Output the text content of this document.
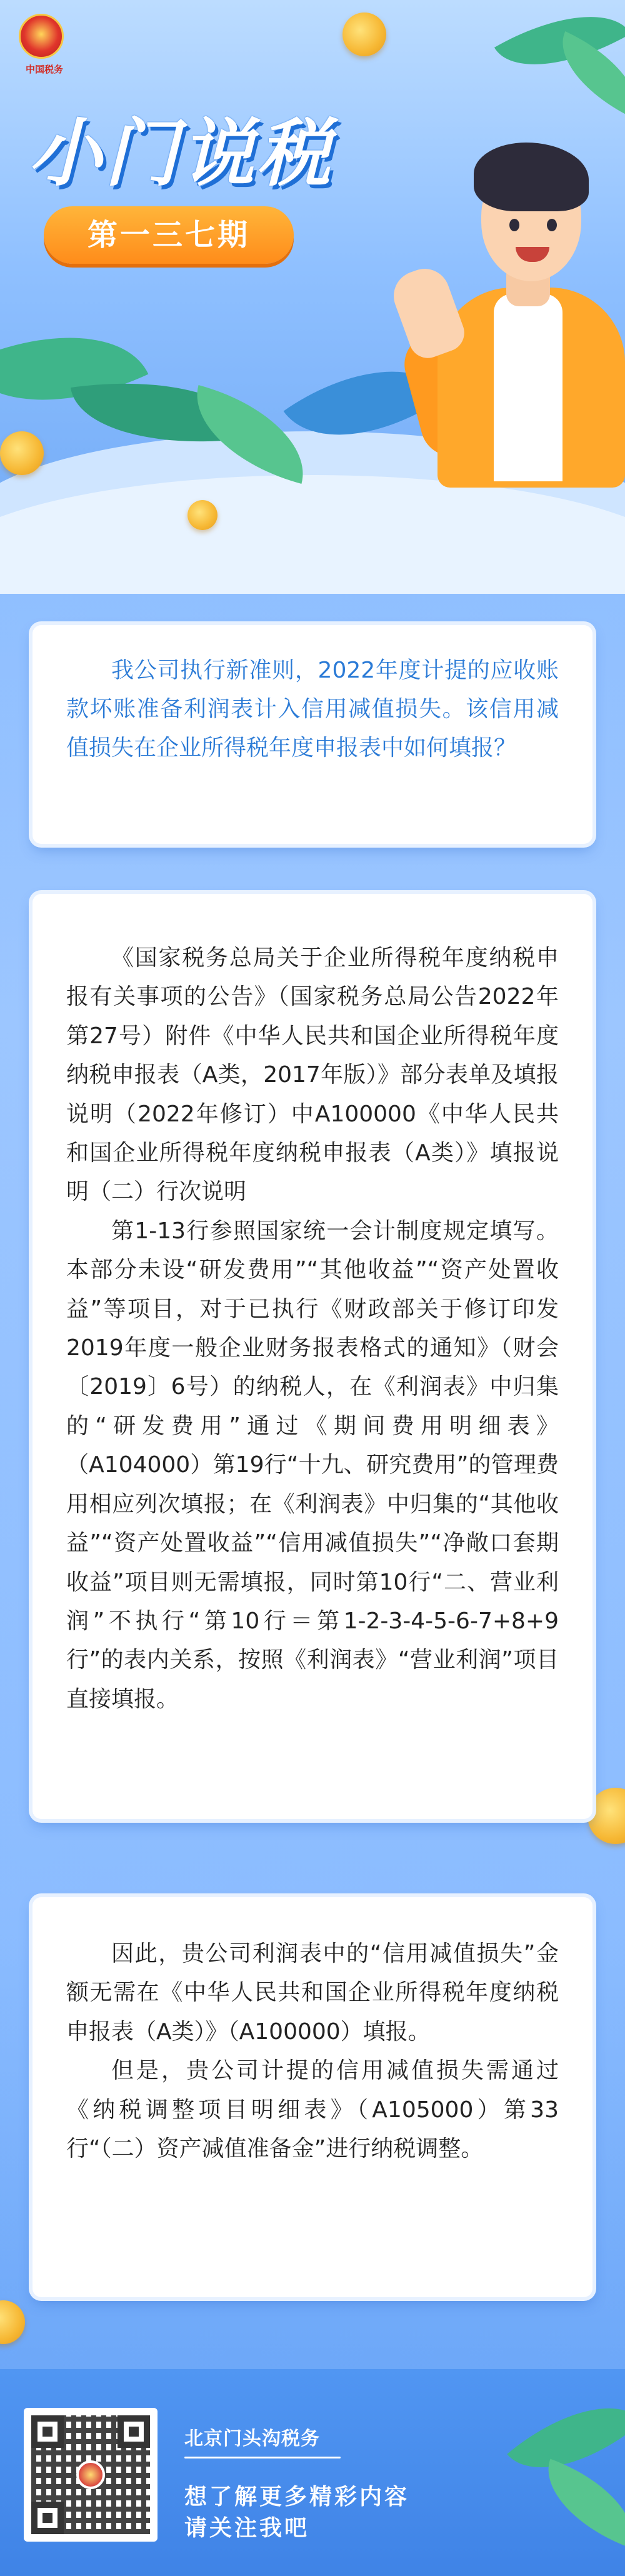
中国税务
小门说税
第一三七期

我公司执行新准则，2022年度计提的应收账款坏账准备利润表计入信用减值损失。该信用减值损失在企业所得税年度申报表中如何填报？

《国家税务总局关于企业所得税年度纳税申报有关事项的公告》（国家税务总局公告2022年第27号）附件《中华人民共和国企业所得税年度纳税申报表（A类，2017年版）》部分表单及填报说明（2022年修订）中A100000《中华人民共和国企业所得税年度纳税申报表（A类）》填报说明（二）行次说明

第1-13行参照国家统一会计制度规定填写。本部分未设“研发费用”“其他收益”“资产处置收益”等项目，对于已执行《财政部关于修订印发2019年度一般企业财务报表格式的通知》（财会〔2019〕6号）的纳税人，在《利润表》中归集的“研发费用”通过《期间费用明细表》（A104000）第19行“十九、研究费用”的管理费用相应列次填报；在《利润表》中归集的“其他收益”“资产处置收益”“信用减值损失”“净敞口套期收益”项目则无需填报，同时第10行“二、营业利润”不执行“第10行＝第1-2-3-4-5-6-7+8+9行”的表内关系，按照《利润表》“营业利润”项目直接填报。

因此，贵公司利润表中的“信用减值损失”金额无需在《中华人民共和国企业所得税年度纳税申报表（A类）》（A100000）填报。

但是，贵公司计提的信用减值损失需通过《纳税调整项目明细表》（A105000）第33行“（二）资产减值准备金”进行纳税调整。

北京门头沟税务
想了解更多精彩内容
请关注我吧
